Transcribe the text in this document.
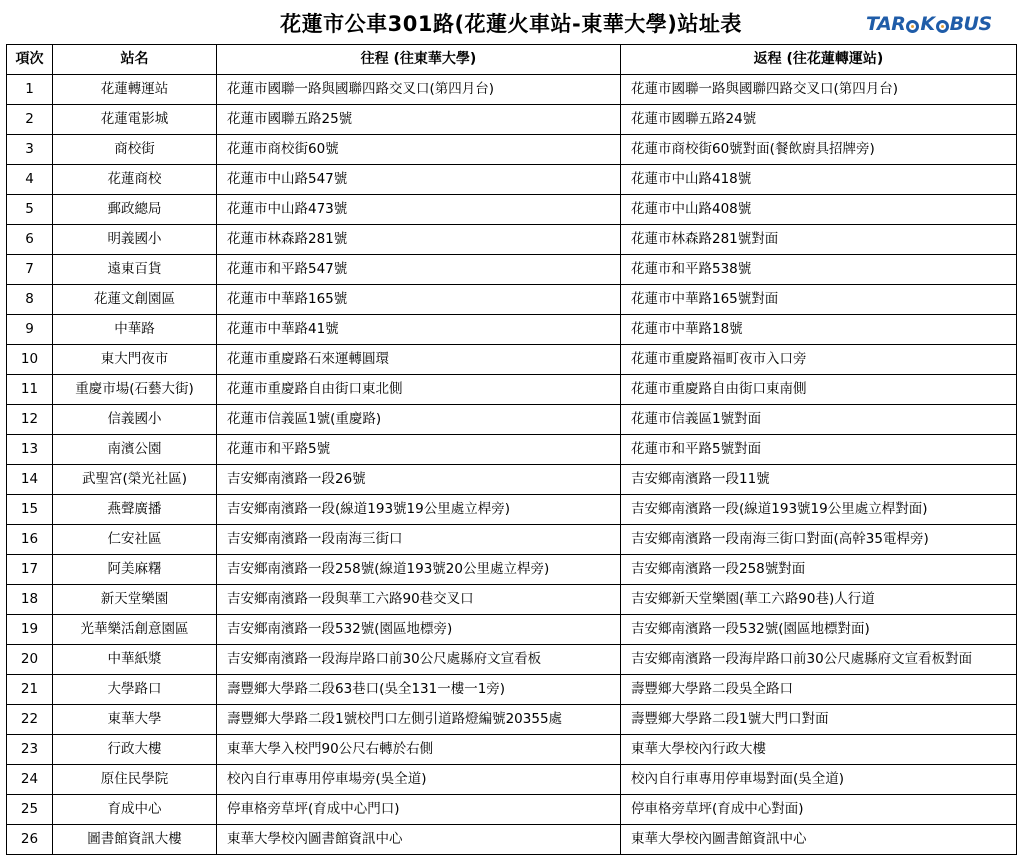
花蓮市公車301路(花蓮火車站-東華大學)站址表	TAR K BUS
項次	站名	往程 (往東華大學)	返程 (往花蓮轉運站)
1	花蓮轉運站	花蓮市國聯一路與國聯四路交叉口(第四月台)	花蓮市國聯一路與國聯四路交叉口(第四月台)
2	花蓮電影城	花蓮市國聯五路25號	花蓮市國聯五路24號
3	商校街	花蓮市商校街60號	花蓮市商校街60號對面(餐飲廚具招牌旁)
4	花蓮商校	花蓮市中山路547號	花蓮市中山路418號
5	郵政總局	花蓮市中山路473號	花蓮市中山路408號
6	明義國小	花蓮市林森路281號	花蓮市林森路281號對面
7	遠東百貨	花蓮市和平路547號	花蓮市和平路538號
8	花蓮文創園區	花蓮市中華路165號	花蓮市中華路165號對面
9	中華路	花蓮市中華路41號	花蓮市中華路18號
10	東大門夜市	花蓮市重慶路石來運轉圓環	花蓮市重慶路福町夜市入口旁
11	重慶市場(石藝大街)	花蓮市重慶路自由街口東北側	花蓮市重慶路自由街口東南側
12	信義國小	花蓮市信義區1號(重慶路)	花蓮市信義區1號對面
13	南濱公園	花蓮市和平路5號	花蓮市和平路5號對面
14	武聖宮(榮光社區)	吉安鄉南濱路一段26號	吉安鄉南濱路一段11號
15	燕聲廣播	吉安鄉南濱路一段(線道193號19公里處立桿旁)	吉安鄉南濱路一段(線道193號19公里處立桿對面)
16	仁安社區	吉安鄉南濱路一段南海三街口	吉安鄉南濱路一段南海三街口對面(高幹35電桿旁)
17	阿美麻糬	吉安鄉南濱路一段258號(線道193號20公里處立桿旁)	吉安鄉南濱路一段258號對面
18	新天堂樂園	吉安鄉南濱路一段與華工六路90巷交叉口	吉安鄉新天堂樂園(華工六路90巷)人行道
19	光華樂活創意園區	吉安鄉南濱路一段532號(園區地標旁)	吉安鄉南濱路一段532號(園區地標對面)
20	中華紙漿	吉安鄉南濱路一段海岸路口前30公尺處縣府文宣看板	吉安鄉南濱路一段海岸路口前30公尺處縣府文宣看板對面
21	大學路口	壽豐鄉大學路二段63巷口(吳全131一樓一1旁)	壽豐鄉大學路二段吳全路口
22	東華大學	壽豐鄉大學路二段1號校門口左側引道路燈編號20355處	壽豐鄉大學路二段1號大門口對面
23	行政大樓	東華大學入校門90公尺右轉於右側	東華大學校內行政大樓
24	原住民學院	校內自行車專用停車場旁(吳全道)	校內自行車專用停車場對面(吳全道)
25	育成中心	停車格旁草坪(育成中心門口)	停車格旁草坪(育成中心對面)
26	圖書館資訊大樓	東華大學校內圖書館資訊中心	東華大學校內圖書館資訊中心
